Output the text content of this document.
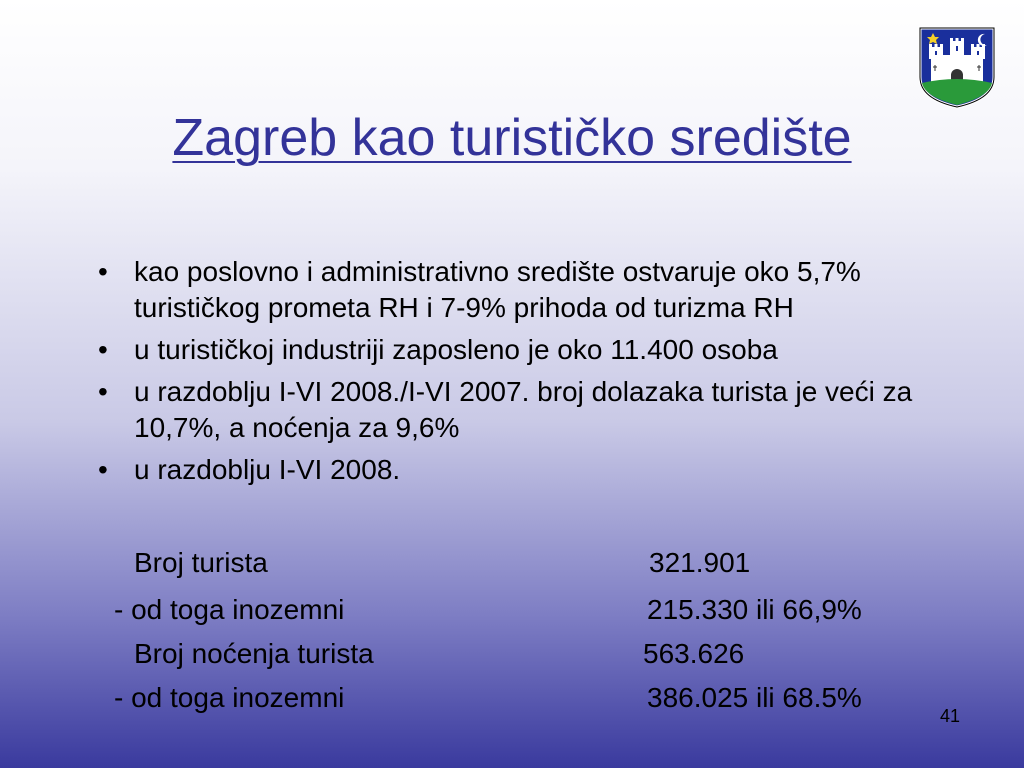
Zagreb kao turističko središte
• kao poslovno i administrativno središte ostvaruje oko 5,7% turističkog prometa RH i 7-9% prihoda od turizma RH
• u turističkoj industriji zaposleno je oko 11.400 osoba
• u razdoblju I-VI 2008./I-VI 2007. broj dolazaka turista je veći za 10,7%, a noćenja za 9,6%
• u razdoblju I-VI 2008.
Broj turista	321.901
- od toga inozemni	215.330 ili 66,9%
Broj noćenja turista	563.626
- od toga inozemni	386.025 ili 68.5%
41
